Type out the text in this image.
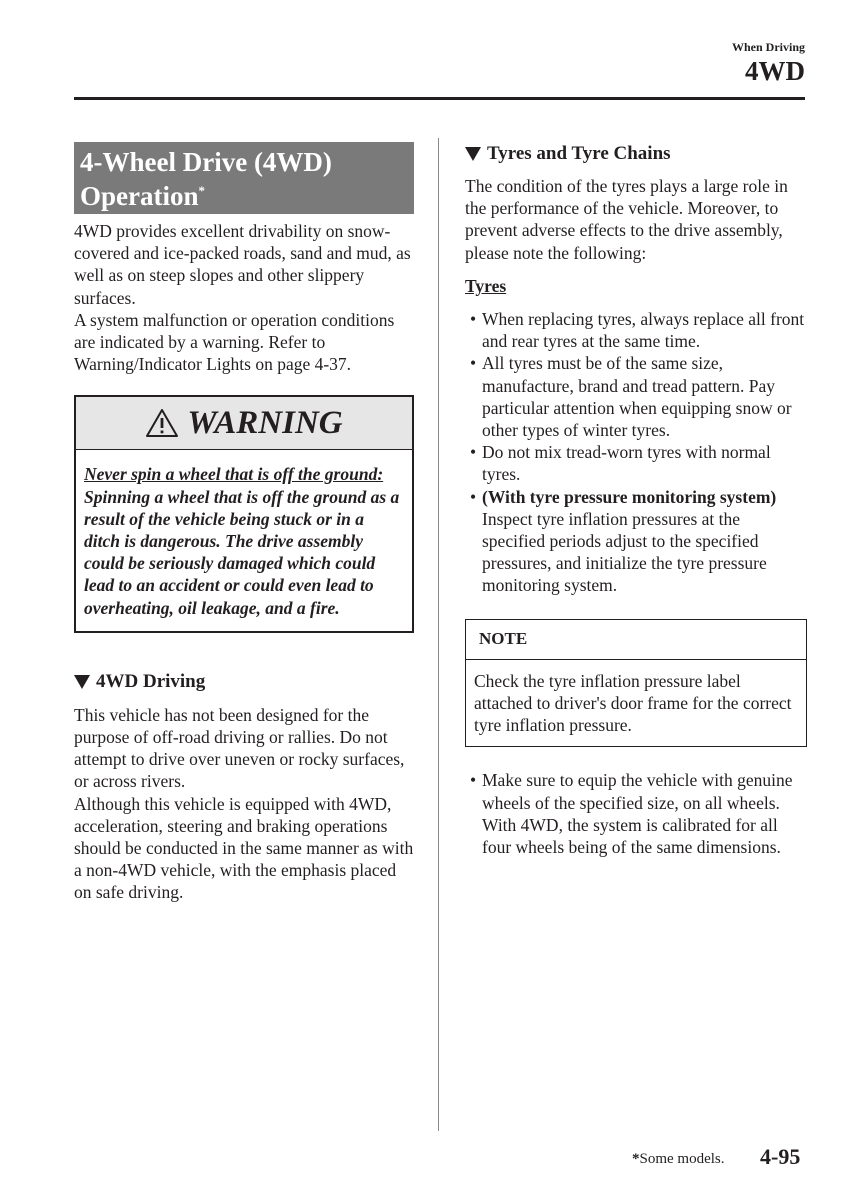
When Driving
4WD
4-Wheel Drive (4WD) Operation*

4WD provides excellent drivability on snow-covered and ice-packed roads, sand and mud, as well as on steep slopes and other slippery surfaces.

A system malfunction or operation conditions are indicated by a warning. Refer to Warning/Indicator Lights on page 4-37.

WARNING
Never spin a wheel that is off the ground:
Spinning a wheel that is off the ground as a result of the vehicle being stuck or in a ditch is dangerous. The drive assembly could be seriously damaged which could lead to an accident or could even lead to overheating, oil leakage, and a fire.
4WD Driving

This vehicle has not been designed for the purpose of off-road driving or rallies. Do not attempt to drive over uneven or rocky surfaces, or across rivers.

Although this vehicle is equipped with 4WD, acceleration, steering and braking operations should be conducted in the same manner as with a non-4WD vehicle, with the emphasis placed on safe driving.

Tyres and Tyre Chains

The condition of the tyres plays a large role in the performance of the vehicle. Moreover, to prevent adverse effects to the drive assembly, please note the following:

Tyres
• When replacing tyres, always replace all front and rear tyres at the same time.
• All tyres must be of the same size, manufacture, brand and tread pattern. Pay particular attention when equipping snow or other types of winter tyres.
• Do not mix tread-worn tyres with normal tyres.
• (With tyre pressure monitoring system)
Inspect tyre inflation pressures at the specified periods adjust to the specified pressures, and initialize the tyre pressure monitoring system.
NOTE
Check the tyre inflation pressure label attached to driver's door frame for the correct tyre inflation pressure.
• Make sure to equip the vehicle with genuine wheels of the specified size, on all wheels. With 4WD, the system is calibrated for all four wheels being of the same dimensions.
*Some models. 4-95
